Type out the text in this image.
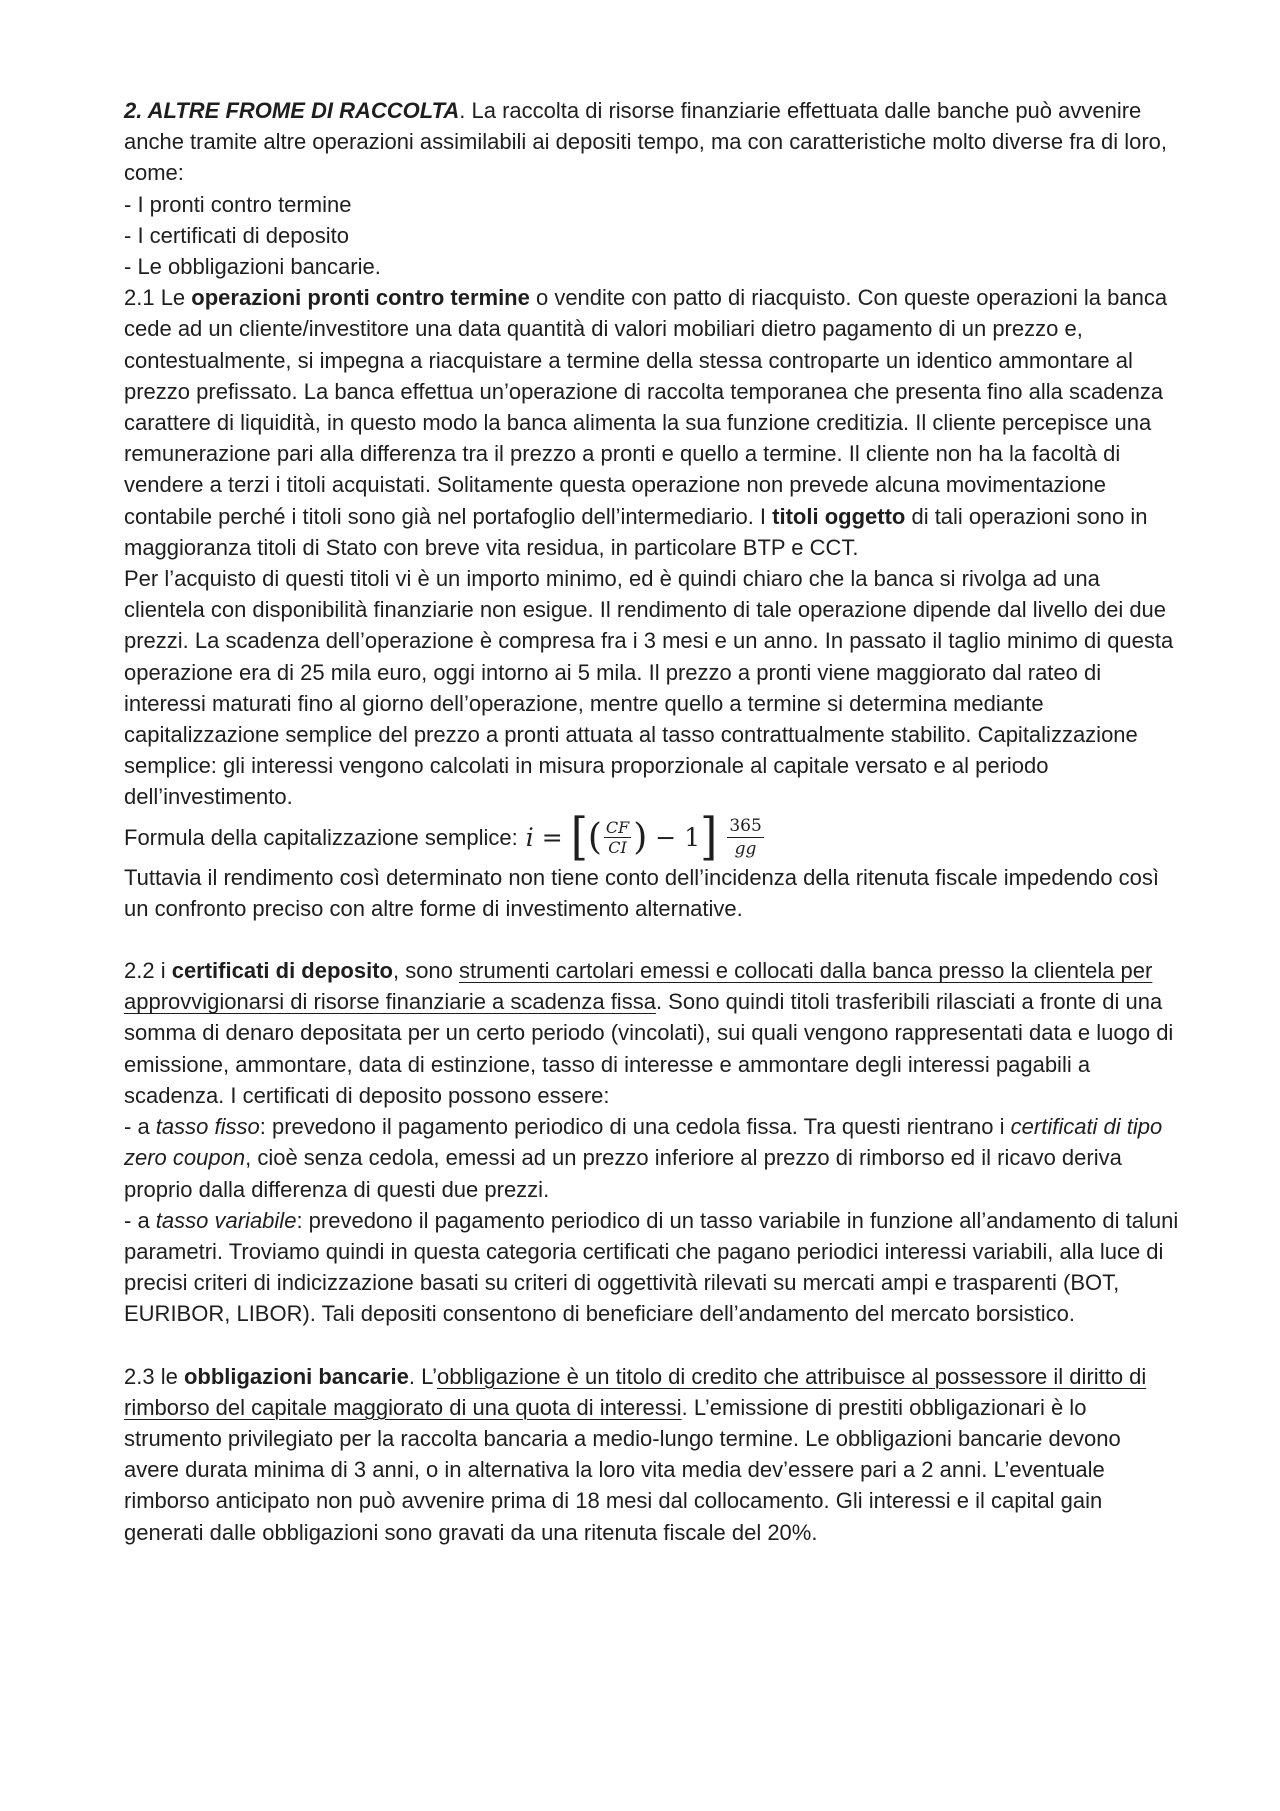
2. ALTRE FROME DI RACCOLTA. La raccolta di risorse finanziarie effettuata dalle banche può avvenire anche tramite altre operazioni assimilabili ai depositi tempo, ma con caratteristiche molto diverse fra di loro, come:

- I pronti contro termine

- I certificati di deposito

- Le obbligazioni bancarie.

2.1 Le operazioni pronti contro termine o vendite con patto di riacquisto. Con queste operazioni la banca cede ad un cliente/investitore una data quantità di valori mobiliari dietro pagamento di un prezzo e, contestualmente, si impegna a riacquistare a termine della stessa controparte un identico ammontare al prezzo prefissato. La banca effettua un’operazione di raccolta temporanea che presenta fino alla scadenza carattere di liquidità, in questo modo la banca alimenta la sua funzione creditizia. Il cliente percepisce una remunerazione pari alla differenza tra il prezzo a pronti e quello a termine. Il cliente non ha la facoltà di vendere a terzi i titoli acquistati. Solitamente questa operazione non prevede alcuna movimentazione contabile perché i titoli sono già nel portafoglio dell’intermediario. I titoli oggetto di tali operazioni sono in maggioranza titoli di Stato con breve vita residua, in particolare BTP e CCT.

Per l’acquisto di questi titoli vi è un importo minimo, ed è quindi chiaro che la banca si rivolga ad una clientela con disponibilità finanziarie non esigue. Il rendimento di tale operazione dipende dal livello dei due prezzi. La scadenza dell’operazione è compresa fra i 3 mesi e un anno. In passato il taglio minimo di questa operazione era di 25 mila euro, oggi intorno ai 5 mila. Il prezzo a pronti viene maggiorato dal rateo di interessi maturati fino al giorno dell’operazione, mentre quello a termine si determina mediante capitalizzazione semplice del prezzo a pronti attuata al tasso contrattualmente stabilito. Capitalizzazione semplice: gli interessi vengono calcolati in misura proporzionale al capitale versato e al periodo dell’investimento.

Formula della capitalizzazione semplice: i = [ ( $\frac{CF}{CI}$ ) − 1 ] $\frac{365}{gg}$

Tuttavia il rendimento così determinato non tiene conto dell’incidenza della ritenuta fiscale impedendo così un confronto preciso con altre forme di investimento alternative.

2.2 i certificati di deposito, sono strumenti cartolari emessi e collocati dalla banca presso la clientela per approvvigionarsi di risorse finanziarie a scadenza fissa. Sono quindi titoli trasferibili rilasciati a fronte di una somma di denaro depositata per un certo periodo (vincolati), sui quali vengono rappresentati data e luogo di emissione, ammontare, data di estinzione, tasso di interesse e ammontare degli interessi pagabili a scadenza. I certificati di deposito possono essere:

- a tasso fisso: prevedono il pagamento periodico di una cedola fissa. Tra questi rientrano i certificati di tipo zero coupon, cioè senza cedola, emessi ad un prezzo inferiore al prezzo di rimborso ed il ricavo deriva proprio dalla differenza di questi due prezzi.

- a tasso variabile: prevedono il pagamento periodico di un tasso variabile in funzione all’andamento di taluni parametri. Troviamo quindi in questa categoria certificati che pagano periodici interessi variabili, alla luce di precisi criteri di indicizzazione basati su criteri di oggettività rilevati su mercati ampi e trasparenti (BOT, EURIBOR, LIBOR). Tali depositi consentono di beneficiare dell’andamento del mercato borsistico.

2.3 le obbligazioni bancarie. L’obbligazione è un titolo di credito che attribuisce al possessore il diritto di rimborso del capitale maggiorato di una quota di interessi. L’emissione di prestiti obbligazionari è lo strumento privilegiato per la raccolta bancaria a medio-lungo termine. Le obbligazioni bancarie devono avere durata minima di 3 anni, o in alternativa la loro vita media dev’essere pari a 2 anni. L’eventuale rimborso anticipato non può avvenire prima di 18 mesi dal collocamento. Gli interessi e il capital gain generati dalle obbligazioni sono gravati da una ritenuta fiscale del 20%.
